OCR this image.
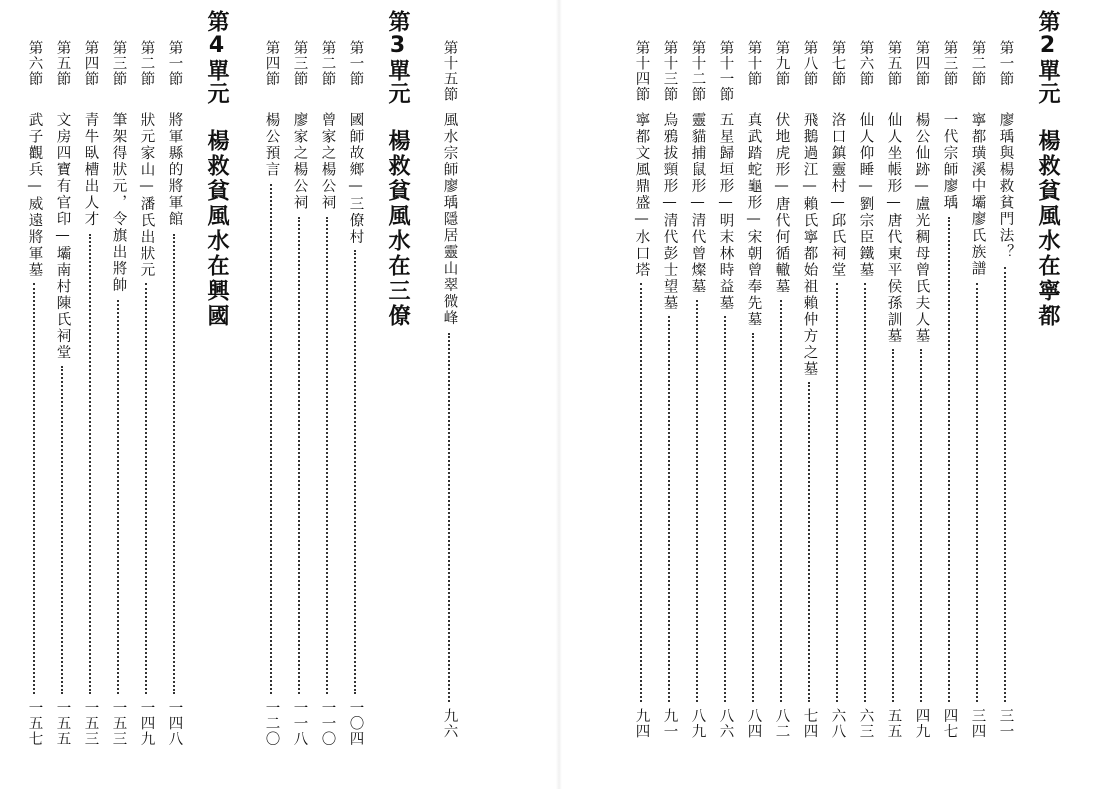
第十五節
風水宗師廖瑀隱居靈山翠微峰
九六
第3單元楊救貧風水在三僚
第一節
國師故鄉—三僚村
一〇四
第二節
曾家之楊公祠
一一〇
第三節
廖家之楊公祠
一一八
第四節
楊公預言
一二〇
第4單元楊救貧風水在興國
第一節
將軍縣的將軍館
一四八
第二節
狀元家山—潘氏出狀元
一四九
第三節
筆架得狀元，令旗出將帥
一五三
第四節
青牛臥槽出人才
一五三
第五節
文房四寶有官印—壩南村陳氏祠堂
一五五
第六節
武子觀兵—威遠將軍墓
一五七
第2單元楊救貧風水在寧都
第一節
廖瑀與楊救貧門法？
三一
第二節
寧都璜溪中壩廖氏族譜
三四
第三節
一代宗師廖瑀
四七
第四節
楊公仙跡—盧光稠母曾氏夫人墓
四九
第五節
仙人坐帳形—唐代東平侯孫訓墓
五五
第六節
仙人仰睡—劉宗臣鐵墓
六三
第七節
洛口鎮靈村—邱氏祠堂
六八
第八節
飛鵝過江—賴氏寧都始祖賴仲方之墓
七四
第九節
伏地虎形—唐代何循轍墓
八二
第十節
真武踏蛇龜形—宋朝曾奉先墓
八四
第十一節
五星歸垣形—明末林時益墓
八六
第十二節
靈貓捕鼠形—清代曾燦墓
八九
第十三節
烏鴉拔頸形—清代彭士望墓
九一
第十四節
寧都文風鼎盛—水口塔
九四
